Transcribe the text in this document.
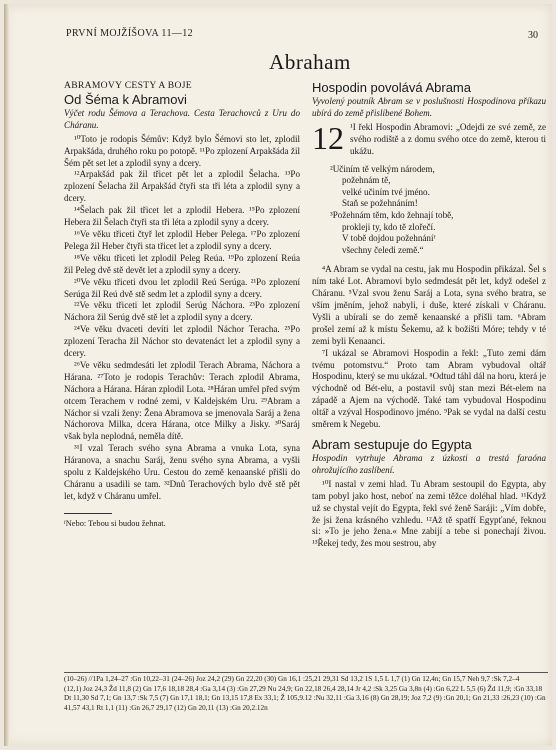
PRVNÍ MOJŽÍŠOVA 11—12	30
Abraham

ABRAMOVY CESTY A BOJE

Od Šéma k Abramovi

Výčet rodu Šémova a Terachova. Cesta Terachovců z Uru do Cháranu.

¹⁰Toto je rodopis Šémův: Když bylo Šémovi sto let, zplodil Arpakšáda, druhého roku po potopě. ¹¹Po zplození Arpakšáda žil Šém pět set let a zplodil syny a dcery.

¹²Arpakšád pak žil třicet pět let a zplodil Šelacha. ¹³Po zplození Šelacha žil Arpakšád čtyři sta tři léta a zplodil syny a dcery.

¹⁴Šelach pak žil třicet let a zplodil Hebera. ¹⁵Po zplození Hebera žil Šelach čtyři sta tři léta a zplodil syny a dcery.

¹⁶Ve věku třiceti čtyř let zplodil Heber Pelega. ¹⁷Po zplození Pelega žil Heber čtyři sta třicet let a zplodil syny a dcery.

¹⁸Ve věku třiceti let zplodil Peleg Reúa. ¹⁹Po zplození Reúa žil Peleg dvě stě devět let a zplodil syny a dcery.

²⁰Ve věku třiceti dvou let zplodil Reú Serúga. ²¹Po zplození Serúga žil Reú dvě stě sedm let a zplodil syny a dcery.

²²Ve věku třiceti let zplodil Serúg Náchora. ²³Po zplození Náchora žil Serúg dvě stě let a zplodil syny a dcery.

²⁴Ve věku dvaceti devíti let zplodil Náchor Teracha. ²⁵Po zplození Teracha žil Náchor sto devatenáct let a zplodil syny a dcery.

²⁶Ve věku sedmdesáti let zplodil Terach Abrama, Náchora a Hárana. ²⁷Toto je rodopis Terachův: Terach zplodil Abrama, Náchora a Hárana. Háran zplodil Lota. ²⁸Háran umřel před svým otcem Terachem v rodné zemi, v Kaldejském Uru. ²⁹Abram a Náchor si vzali ženy: Žena Abramova se jmenovala Saráj a žena Náchorova Milka, dcera Hárana, otce Milky a Jisky. ³⁰Saráj však byla neplodná, neměla dítě.

³¹I vzal Terach svého syna Abrama a vnuka Lota, syna Háranova, a snachu Saráj, ženu svého syna Abrama, a vyšli spolu z Kaldejského Uru. Cestou do země kenaanské přišli do Cháranu a usadili se tam. ³²Dnů Terachových bylo dvě stě pět let, když v Cháranu umřel.

ᶠNebo: Tebou si budou žehnat.

Hospodin povolává Abrama

Vyvolený poutník Abram se v poslušnosti Hospodinova příkazu ubírá do země přislíbené Bohem.

12 ¹I řekl Hospodin Abramovi: „Odejdi ze své země, ze svého rodiště a z domu svého otce do země, kterou ti ukážu.

²Učiním tě velkým národem,
požehnám tě,
velké učiním tvé jméno.
Staň se požehnáním!
³Požehnám těm, kdo žehnají tobě,
prokleji ty, kdo tě zlořečí.
V tobě dojdou požehnáníᶠ
všechny čeledi země.“

⁴A Abram se vydal na cestu, jak mu Hospodin přikázal. Šel s ním také Lot. Abramovi bylo sedmdesát pět let, když odešel z Cháranu. ⁵Vzal svou ženu Saráj a Lota, syna svého bratra, se vším jměním, jehož nabyli, i duše, které získali v Cháranu. Vyšli a ubírali se do země kenaanské a přišli tam. ⁶Abram prošel zemí až k místu Šekemu, až k božišti Móre; tehdy v té zemi byli Kenaanci.

⁷I ukázal se Abramovi Hospodin a řekl: „Tuto zemi dám tvému potomstvu.“ Proto tam Abram vybudoval oltář Hospodinu, který se mu ukázal. ⁸Odtud táhl dál na horu, která je východně od Bét-elu, a postavil svůj stan mezi Bét-elem na západě a Ajem na východě. Také tam vybudoval Hospodinu oltář a vzýval Hospodinovo jméno. ⁹Pak se vydal na další cestu směrem k Negebu.

Abram sestupuje do Egypta

Hospodin vytrhuje Abrama z úzkosti a trestá faraóna ohrožujícího zaslíbení.

¹⁰I nastal v zemi hlad. Tu Abram sestoupil do Egypta, aby tam pobyl jako host, neboť na zemi těžce doléhal hlad. ¹¹Když už se chystal vejít do Egypta, řekl své ženě Saráji: „Vím dobře, že jsi žena krásného vzhledu. ¹²Až tě spatří Egypťané, řeknou si: »To je jeho žena.« Mne zabijí a tebe si ponechají živou. ¹³Řekej tedy, žes mou sestrou, aby

(10–26) //1Pa 1,24–27 :Gn 10,22–31 (24–26) Joz 24,2 (29) Gn 22,20 (30) Gn 16,1 :25,21 29,31 Sd 13,2 1S 1,5 L 1,7 (1) Gn 12,4n; Gn 15,7 Neh 9,7 :Sk 7,2–4
(12,1) Joz 24,3 Žd 11,8 (2) Gn 17,6 18,18 28,4 :Ga 3,14 (3) :Gn 27,29 Nu 24,9; Gn 22,18 26,4 28,14 Jr 4,2 :Sk 3,25 Ga 3,8n (4) :Gn 6,22 L 5,5 (6) Žd 11,9; :Gn 33,18 Dt 11,30 Sd 7,1; Gn 13,7 :Sk 7,5 (7) Gn 17,1 18,1; Gn 13,15 17,8 Ex 33,1; Ž 105,9.12 :Nu 32,11 :Ga 3,16 (8) Gn 28,19; Joz 7,2 (9) :Gn 20,1; Gn 21,33 :26,23 (10) :Gn 41,57 43,1 Rt 1,1 (11) :Gn 26,7 29,17 (12) Gn 20,11 (13) :Gn 20,2.12n
